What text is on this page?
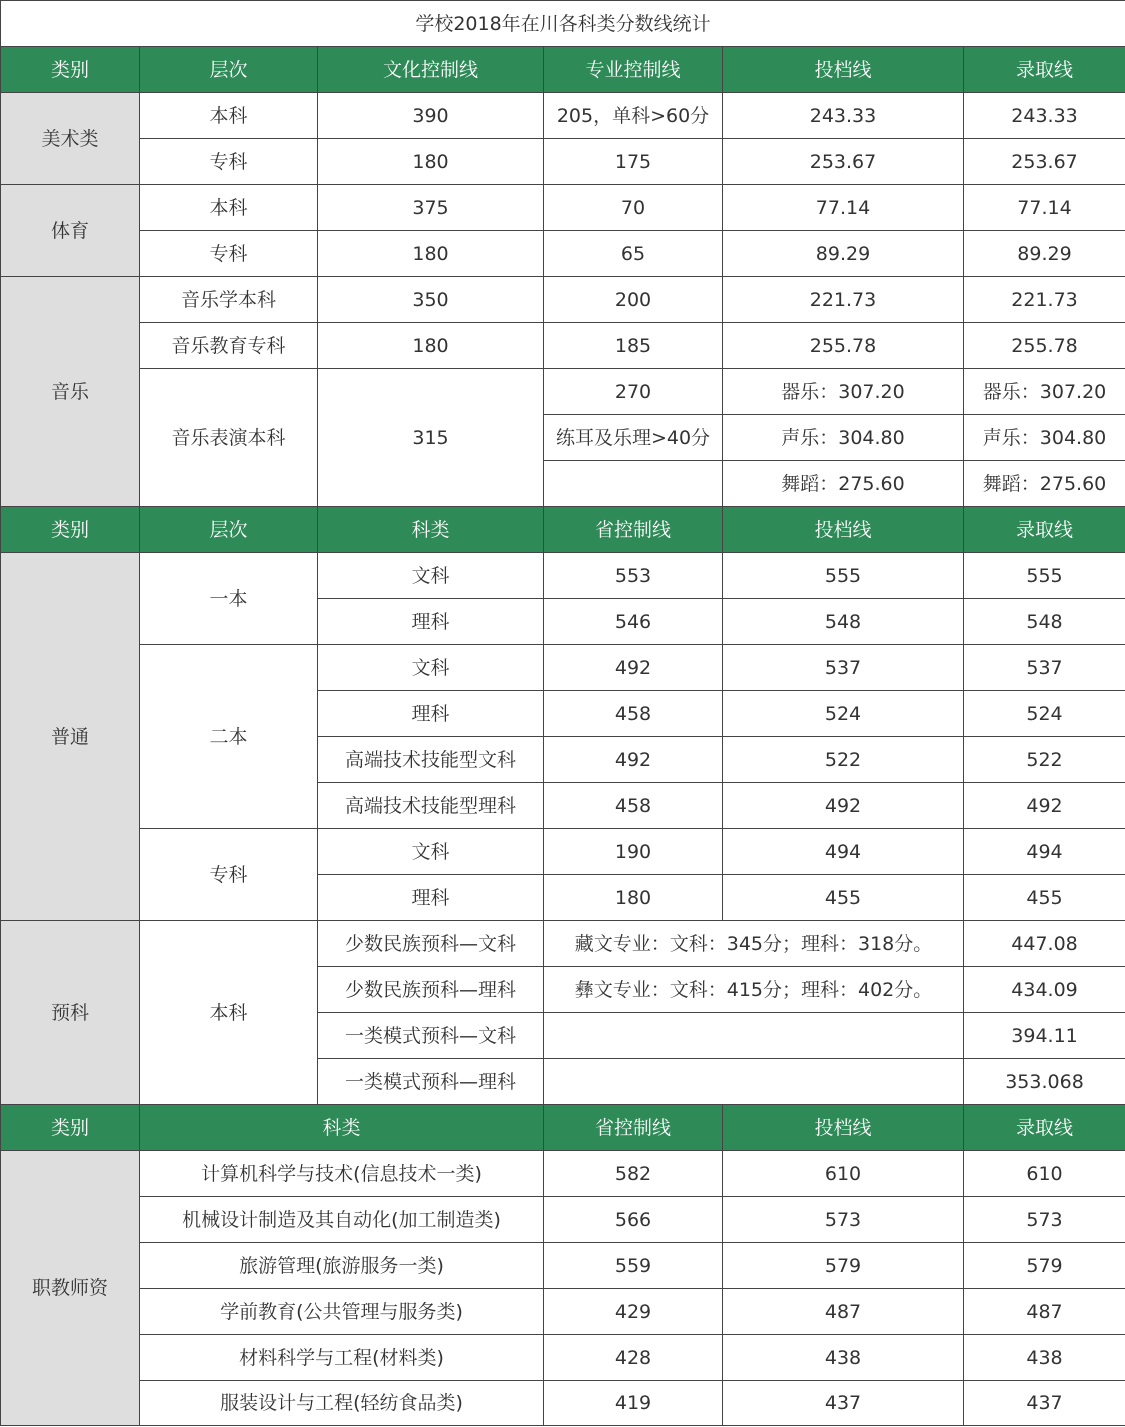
学校2018年在川各科类分数线统计					
类别	层次	文化控制线	专业控制线	投档线	录取线
美术类	本科	390	205，单科>60分	243.33	243.33
	专科	180	175	253.67	253.67
体育	本科	375	70	77.14	77.14
	专科	180	65	89.29	89.29
音乐	音乐学本科	350	200	221.73	221.73
	音乐教育专科	180	185	255.78	255.78
	音乐表演本科	315	270	器乐：307.20	器乐：307.20
			练耳及乐理>40分	声乐：304.80	声乐：304.80
				舞蹈：275.60	舞蹈：275.60
类别	层次	科类	省控制线	投档线	录取线
普通	一本	文科	553	555	555
		理科	546	548	548
	二本	文科	492	537	537
		理科	458	524	524
		高端技术技能型文科	492	522	522
		高端技术技能型理科	458	492	492
	专科	文科	190	494	494
		理科	180	455	455
预科	本科	少数民族预科—文科	藏文专业：文科：345分；理科：318分。		447.08
		少数民族预科—理科	彝文专业：文科：415分；理科：402分。		434.09
		一类模式预科—文科			394.11
		一类模式预科—理科			353.068
类别	科类		省控制线	投档线	录取线
职教师资	计算机科学与技术(信息技术一类)		582	610	610
	机械设计制造及其自动化(加工制造类)		566	573	573
	旅游管理(旅游服务一类)		559	579	579
	学前教育(公共管理与服务类)		429	487	487
	材料科学与工程(材料类)		428	438	438
	服装设计与工程(轻纺食品类)		419	437	437
